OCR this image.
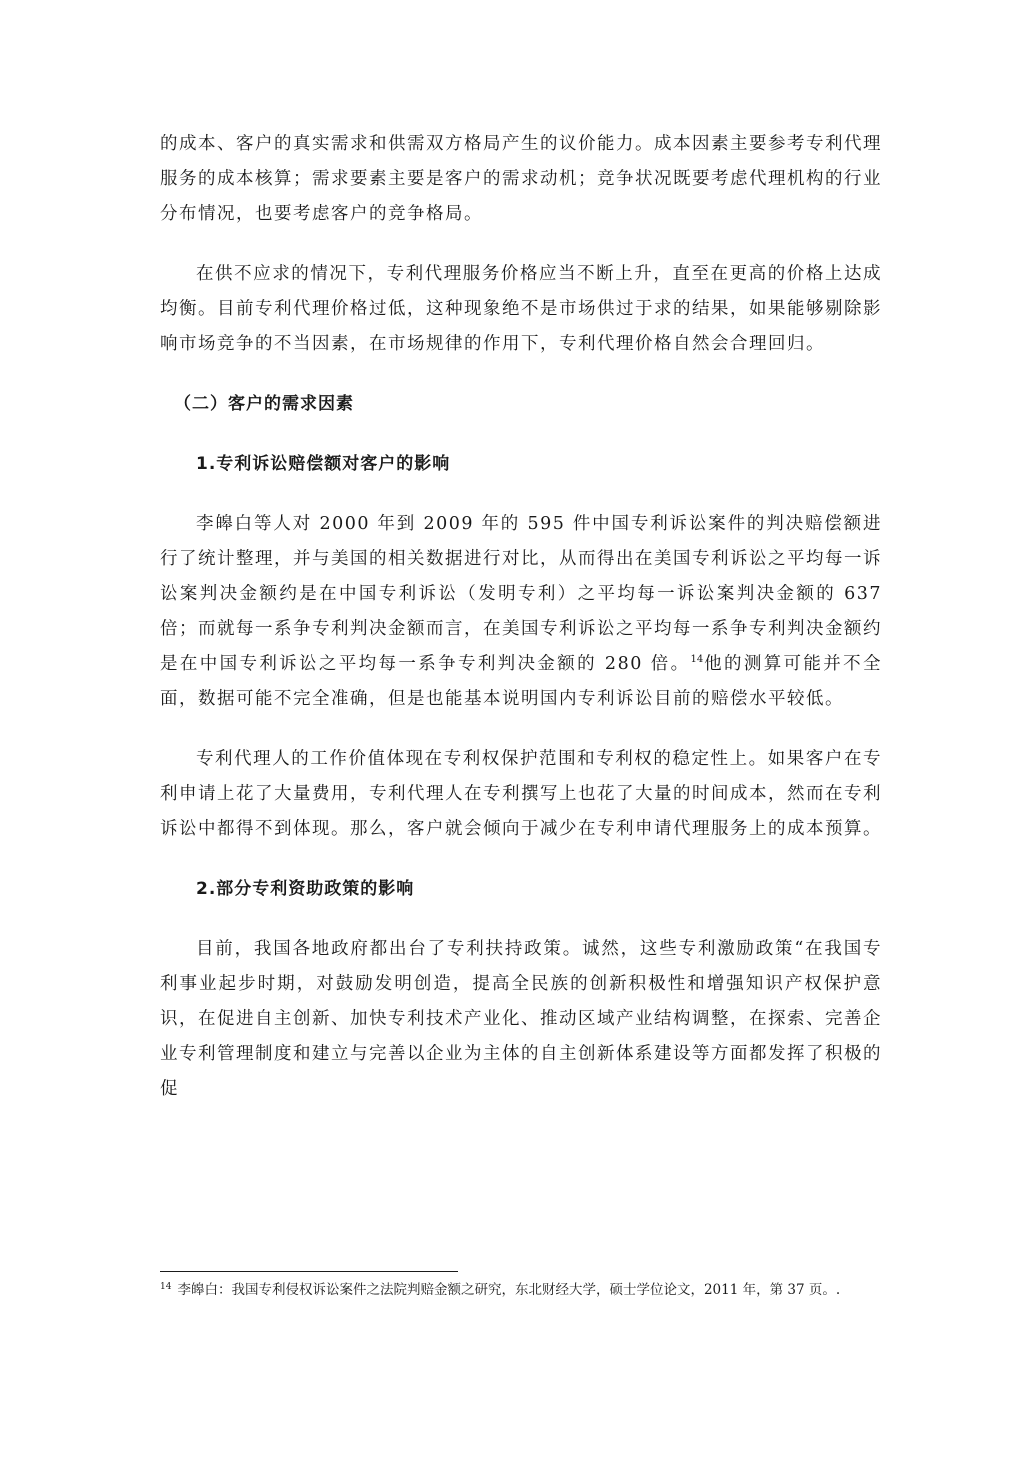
的成本、客户的真实需求和供需双方格局产生的议价能力。成本因素主要参考专利代理服务的成本核算；需求要素主要是客户的需求动机；竞争状况既要考虑代理机构的行业分布情况，也要考虑客户的竞争格局。

在供不应求的情况下，专利代理服务价格应当不断上升，直至在更高的价格上达成均衡。目前专利代理价格过低，这种现象绝不是市场供过于求的结果，如果能够剔除影响市场竞争的不当因素，在市场规律的作用下，专利代理价格自然会合理回归。

（二）客户的需求因素
1.专利诉讼赔偿额对客户的影响

李皞白等人对 2000 年到 2009 年的 595 件中国专利诉讼案件的判决赔偿额进行了统计整理，并与美国的相关数据进行对比，从而得出在美国专利诉讼之平均每一诉讼案判决金额约是在中国专利诉讼（发明专利）之平均每一诉讼案判决金额的 637 倍；而就每一系争专利判决金额而言，在美国专利诉讼之平均每一系争专利判决金额约是在中国专利诉讼之平均每一系争专利判决金额的 280 倍。$^{14}$他的测算可能并不全面，数据可能不完全准确，但是也能基本说明国内专利诉讼目前的赔偿水平较低。

专利代理人的工作价值体现在专利权保护范围和专利权的稳定性上。如果客户在专利申请上花了大量费用，专利代理人在专利撰写上也花了大量的时间成本，然而在专利诉讼中都得不到体现。那么，客户就会倾向于减少在专利申请代理服务上的成本预算。

2.部分专利资助政策的影响

目前，我国各地政府都出台了专利扶持政策。诚然，这些专利激励政策“在我国专利事业起步时期，对鼓励发明创造，提高全民族的创新积极性和增强知识产权保护意识，在促进自主创新、加快专利技术产业化、推动区域产业结构调整，在探索、完善企业专利管理制度和建立与完善以企业为主体的自主创新体系建设等方面都发挥了积极的促

$^{14}$ 李皞白：我国专利侵权诉讼案件之法院判赔金额之研究，东北财经大学，硕士学位论文，2011 年，第 37 页。.
